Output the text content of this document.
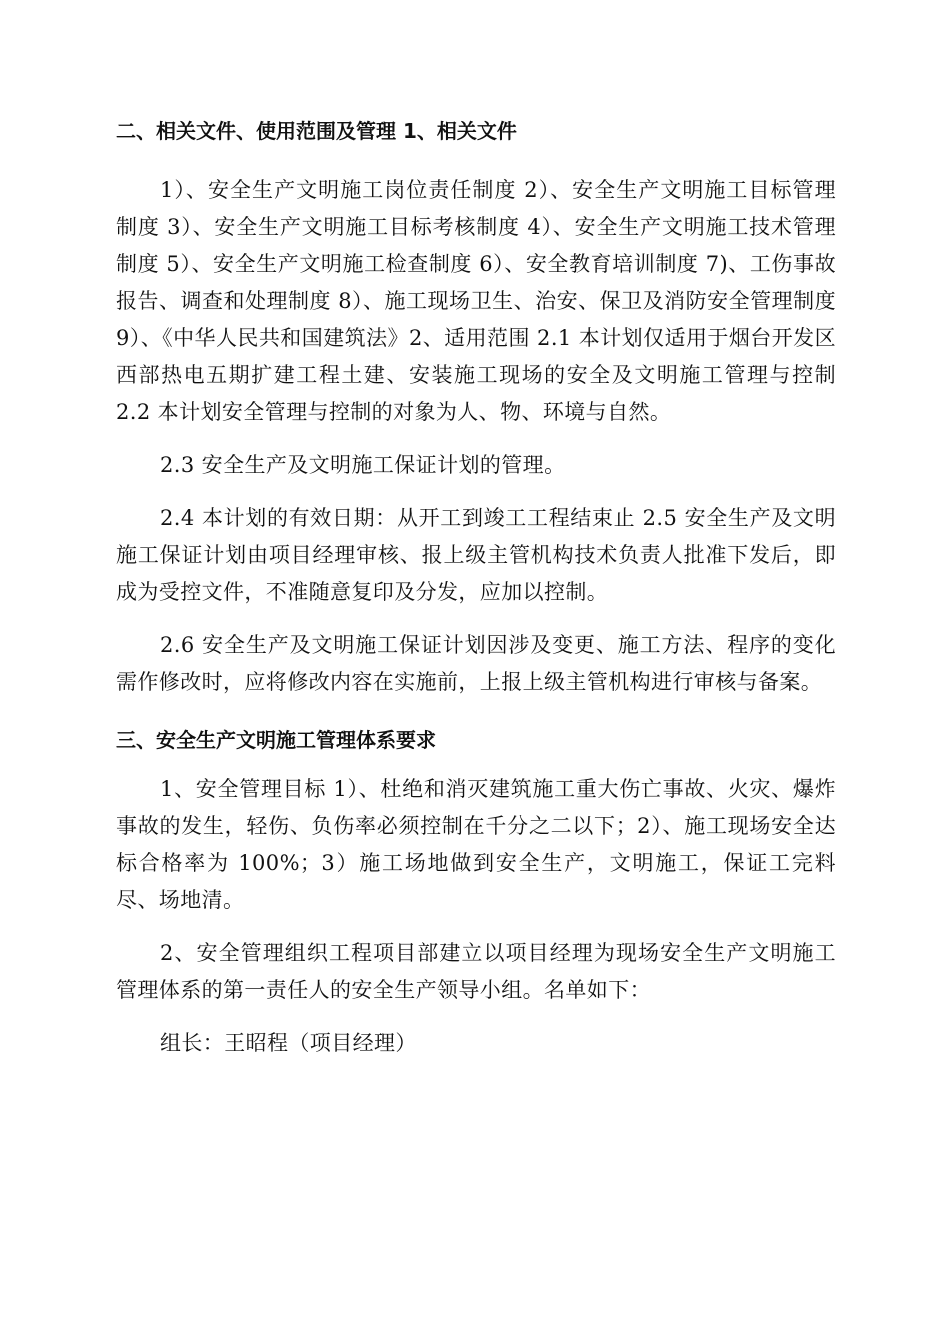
二、相关文件、使用范围及管理 1、相关文件

1）、安全生产文明施工岗位责任制度 2）、安全生产文明施工目标管理制度 3）、安全生产文明施工目标考核制度 4）、安全生产文明施工技术管理制度 5）、安全生产文明施工检查制度 6）、安全教育培训制度 7)、工伤事故报告、调查和处理制度 8）、施工现场卫生、治安、保卫及消防安全管理制度 9）、《中华人民共和国建筑法》2、适用范围 2.1 本计划仅适用于烟台开发区西部热电五期扩建工程土建、安装施工现场的安全及文明施工管理与控制 2.2 本计划安全管理与控制的对象为人、物、环境与自然。

2.3 安全生产及文明施工保证计划的管理。

2.4 本计划的有效日期：从开工到竣工工程结束止 2.5 安全生产及文明施工保证计划由项目经理审核、报上级主管机构技术负责人批准下发后，即成为受控文件，不准随意复印及分发，应加以控制。

2.6 安全生产及文明施工保证计划因涉及变更、施工方法、程序的变化需作修改时，应将修改内容在实施前，上报上级主管机构进行审核与备案。

三、安全生产文明施工管理体系要求

1、安全管理目标 1）、杜绝和消灭建筑施工重大伤亡事故、火灾、爆炸事故的发生，轻伤、负伤率必须控制在千分之二以下；2）、施工现场安全达标合格率为 100%；3）施工场地做到安全生产，文明施工，保证工完料尽、场地清。

2、安全管理组织工程项目部建立以项目经理为现场安全生产文明施工管理体系的第一责任人的安全生产领导小组。名单如下：

组长：王昭程（项目经理）
